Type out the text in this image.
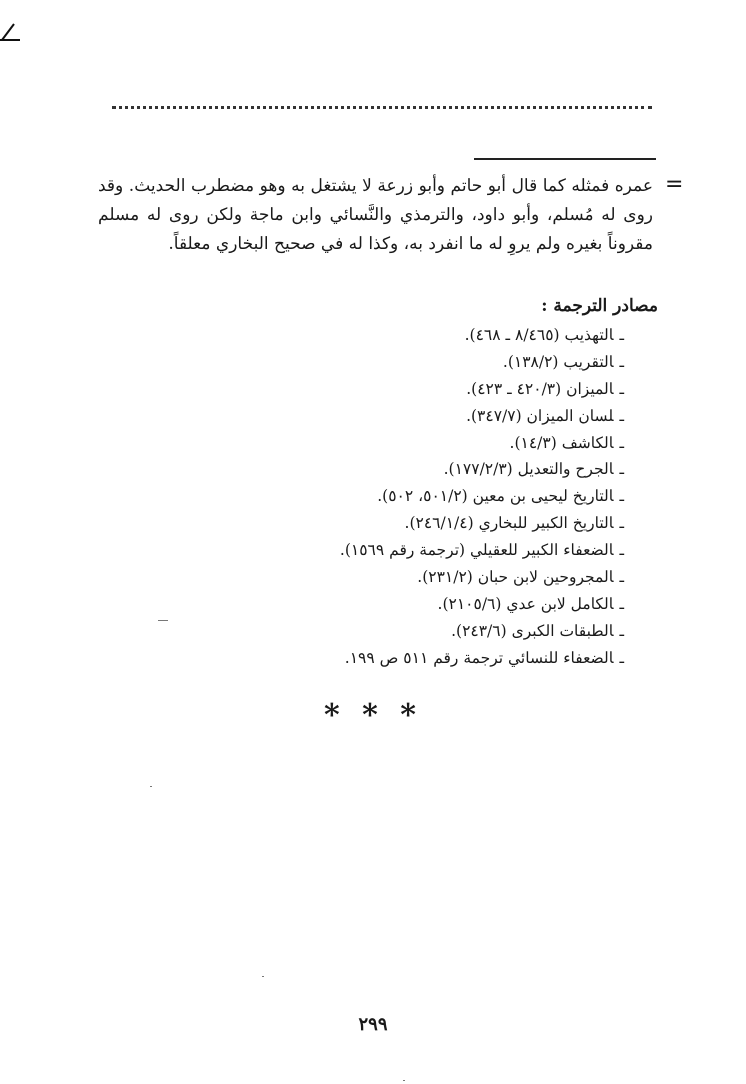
=

عمره فمثله كما قال أبو حاتم وأبو زرعة لا يشتغل به وهو مضطرب الحديث. وقد روى له مُسلم، وأبو داود، والترمذي والنَّسائي وابن ماجة ولكن روى له مسلم مقروناً بغيره ولم يروِ له ما انفرد به، وكذا له في صحيح البخاري معلقاً.

مصادر الترجمة :
ـالتهذيب (٨/٤٦٥ ـ ٤٦٨).
ـالتقريب (١٣٨/٢).
ـالميزان (٤٢٠/٣ ـ ٤٢٣).
ـلسان الميزان (٣٤٧/٧).
ـالكاشف (١٤/٣).
ـالجرح والتعديل (١٧٧/٢/٣).
ـالتاريخ ليحيى بن معين (٥٠١/٢، ٥٠٢).
ـالتاريخ الكبير للبخاري (٢٤٦/١/٤).
ـالضعفاء الكبير للعقيلي (ترجمة رقم ١٥٦٩).
ـالمجروحين لابن حبان (٢٣١/٢).
ـالكامل لابن عدي (٢١٠٥/٦).
ـالطبقات الكبرى (٢٤٣/٦).
ـالضعفاء للنسائي ترجمة رقم ٥١١ ص ١٩٩.
* * *
٢٩٩
